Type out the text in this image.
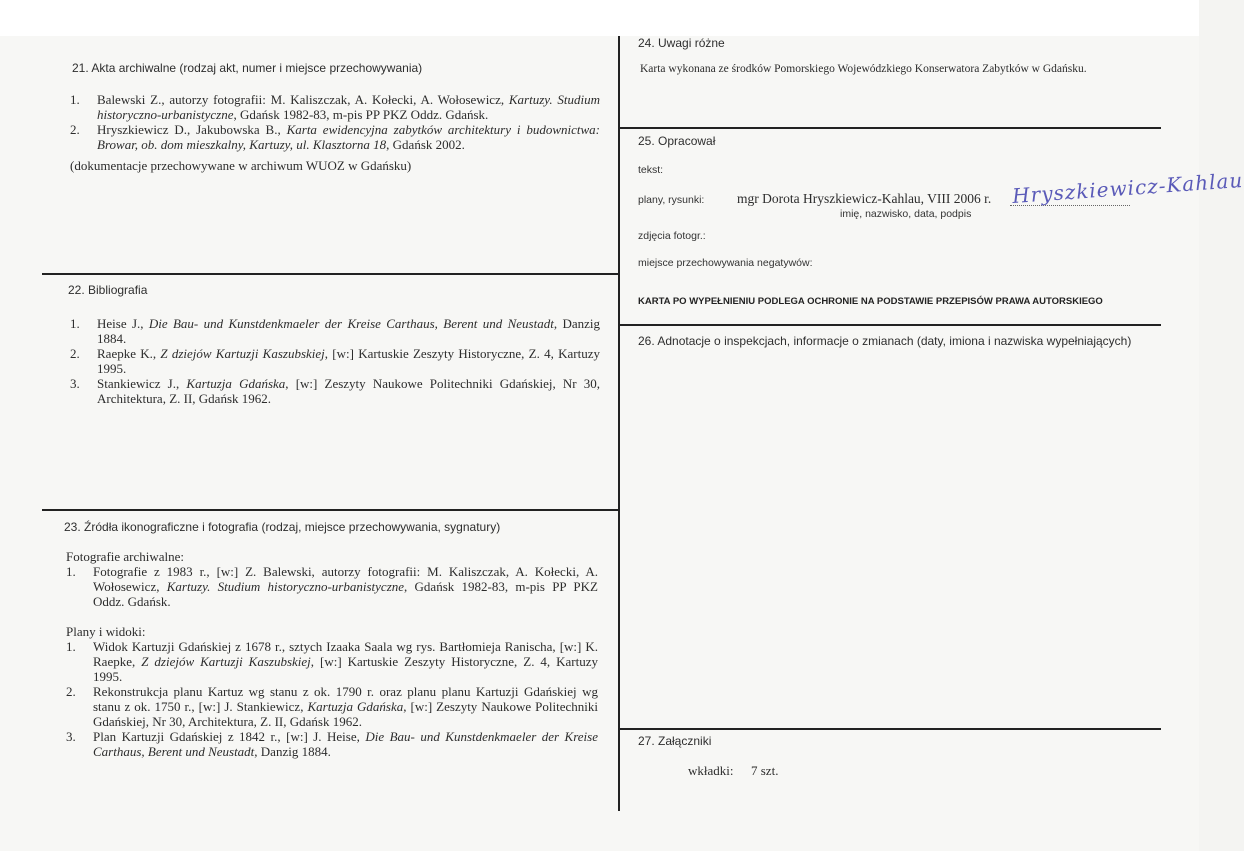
21. Akta archiwalne (rodzaj akt, numer i miejsce przechowywania)
1. Balewski Z., autorzy fotografii: M. Kaliszczak, A. Kołecki, A. Wołosewicz, Kartuzy. Studium historyczno-urbanistyczne, Gdańsk 1982-83, m-pis PP PKZ Oddz. Gdańsk.
2. Hryszkiewicz D., Jakubowska B., Karta ewidencyjna zabytków architektury i budownictwa: Browar, ob. dom mieszkalny, Kartuzy, ul. Klasztorna 18, Gdańsk 2002.
(dokumentacje przechowywane w archiwum WUOZ w Gdańsku)
22. Bibliografia
1. Heise J., Die Bau- und Kunstdenkmaeler der Kreise Carthaus, Berent und Neustadt, Danzig 1884.
2. Raepke K., Z dziejów Kartuzji Kaszubskiej, [w:] Kartuskie Zeszyty Historyczne, Z. 4, Kartuzy 1995.
3. Stankiewicz J., Kartuzja Gdańska, [w:] Zeszyty Naukowe Politechniki Gdańskiej, Nr 30, Architektura, Z. II, Gdańsk 1962.
23. Źródła ikonograficzne i fotografia (rodzaj, miejsce przechowywania, sygnatury)
Fotografie archiwalne:
1. Fotografie z 1983 r., [w:] Z. Balewski, autorzy fotografii: M. Kaliszczak, A. Kołecki, A. Wołosewicz, Kartuzy. Studium historyczno-urbanistyczne, Gdańsk 1982-83, m-pis PP PKZ Oddz. Gdańsk.
Plany i widoki:
1. Widok Kartuzji Gdańskiej z 1678 r., sztych Izaaka Saala wg rys. Bartłomieja Ranischa, [w:] K. Raepke, Z dziejów Kartuzji Kaszubskiej, [w:] Kartuskie Zeszyty Historyczne, Z. 4, Kartuzy 1995.
2. Rekonstrukcja planu Kartuz wg stanu z ok. 1790 r. oraz planu planu Kartuzji Gdańskiej wg stanu z ok. 1750 r., [w:] J. Stankiewicz, Kartuzja Gdańska, [w:] Zeszyty Naukowe Politechniki Gdańskiej, Nr 30, Architektura, Z. II, Gdańsk 1962.
3. Plan Kartuzji Gdańskiej z 1842 r., [w:] J. Heise, Die Bau- und Kunstdenkmaeler der Kreise Carthaus, Berent und Neustadt, Danzig 1884.
24. Uwagi różne
Karta wykonana ze środków Pomorskiego Wojewódzkiego Konserwatora Zabytków w Gdańsku.
25. Opracował
tekst:
plany, rysunki: mgr Dorota Hryszkiewicz-Kahlau, VIII 2006 r. Hryszkiewicz-Kahlau
imię, nazwisko, data, podpis
zdjęcia fotogr.:
miejsce przechowywania negatywów:
KARTA PO WYPEŁNIENIU PODLEGA OCHRONIE NA PODSTAWIE PRZEPISÓW PRAWA AUTORSKIEGO
26. Adnotacje o inspekcjach, informacje o zmianach (daty, imiona i nazwiska wypełniających)
27. Załączniki
wkładki: 7 szt.
